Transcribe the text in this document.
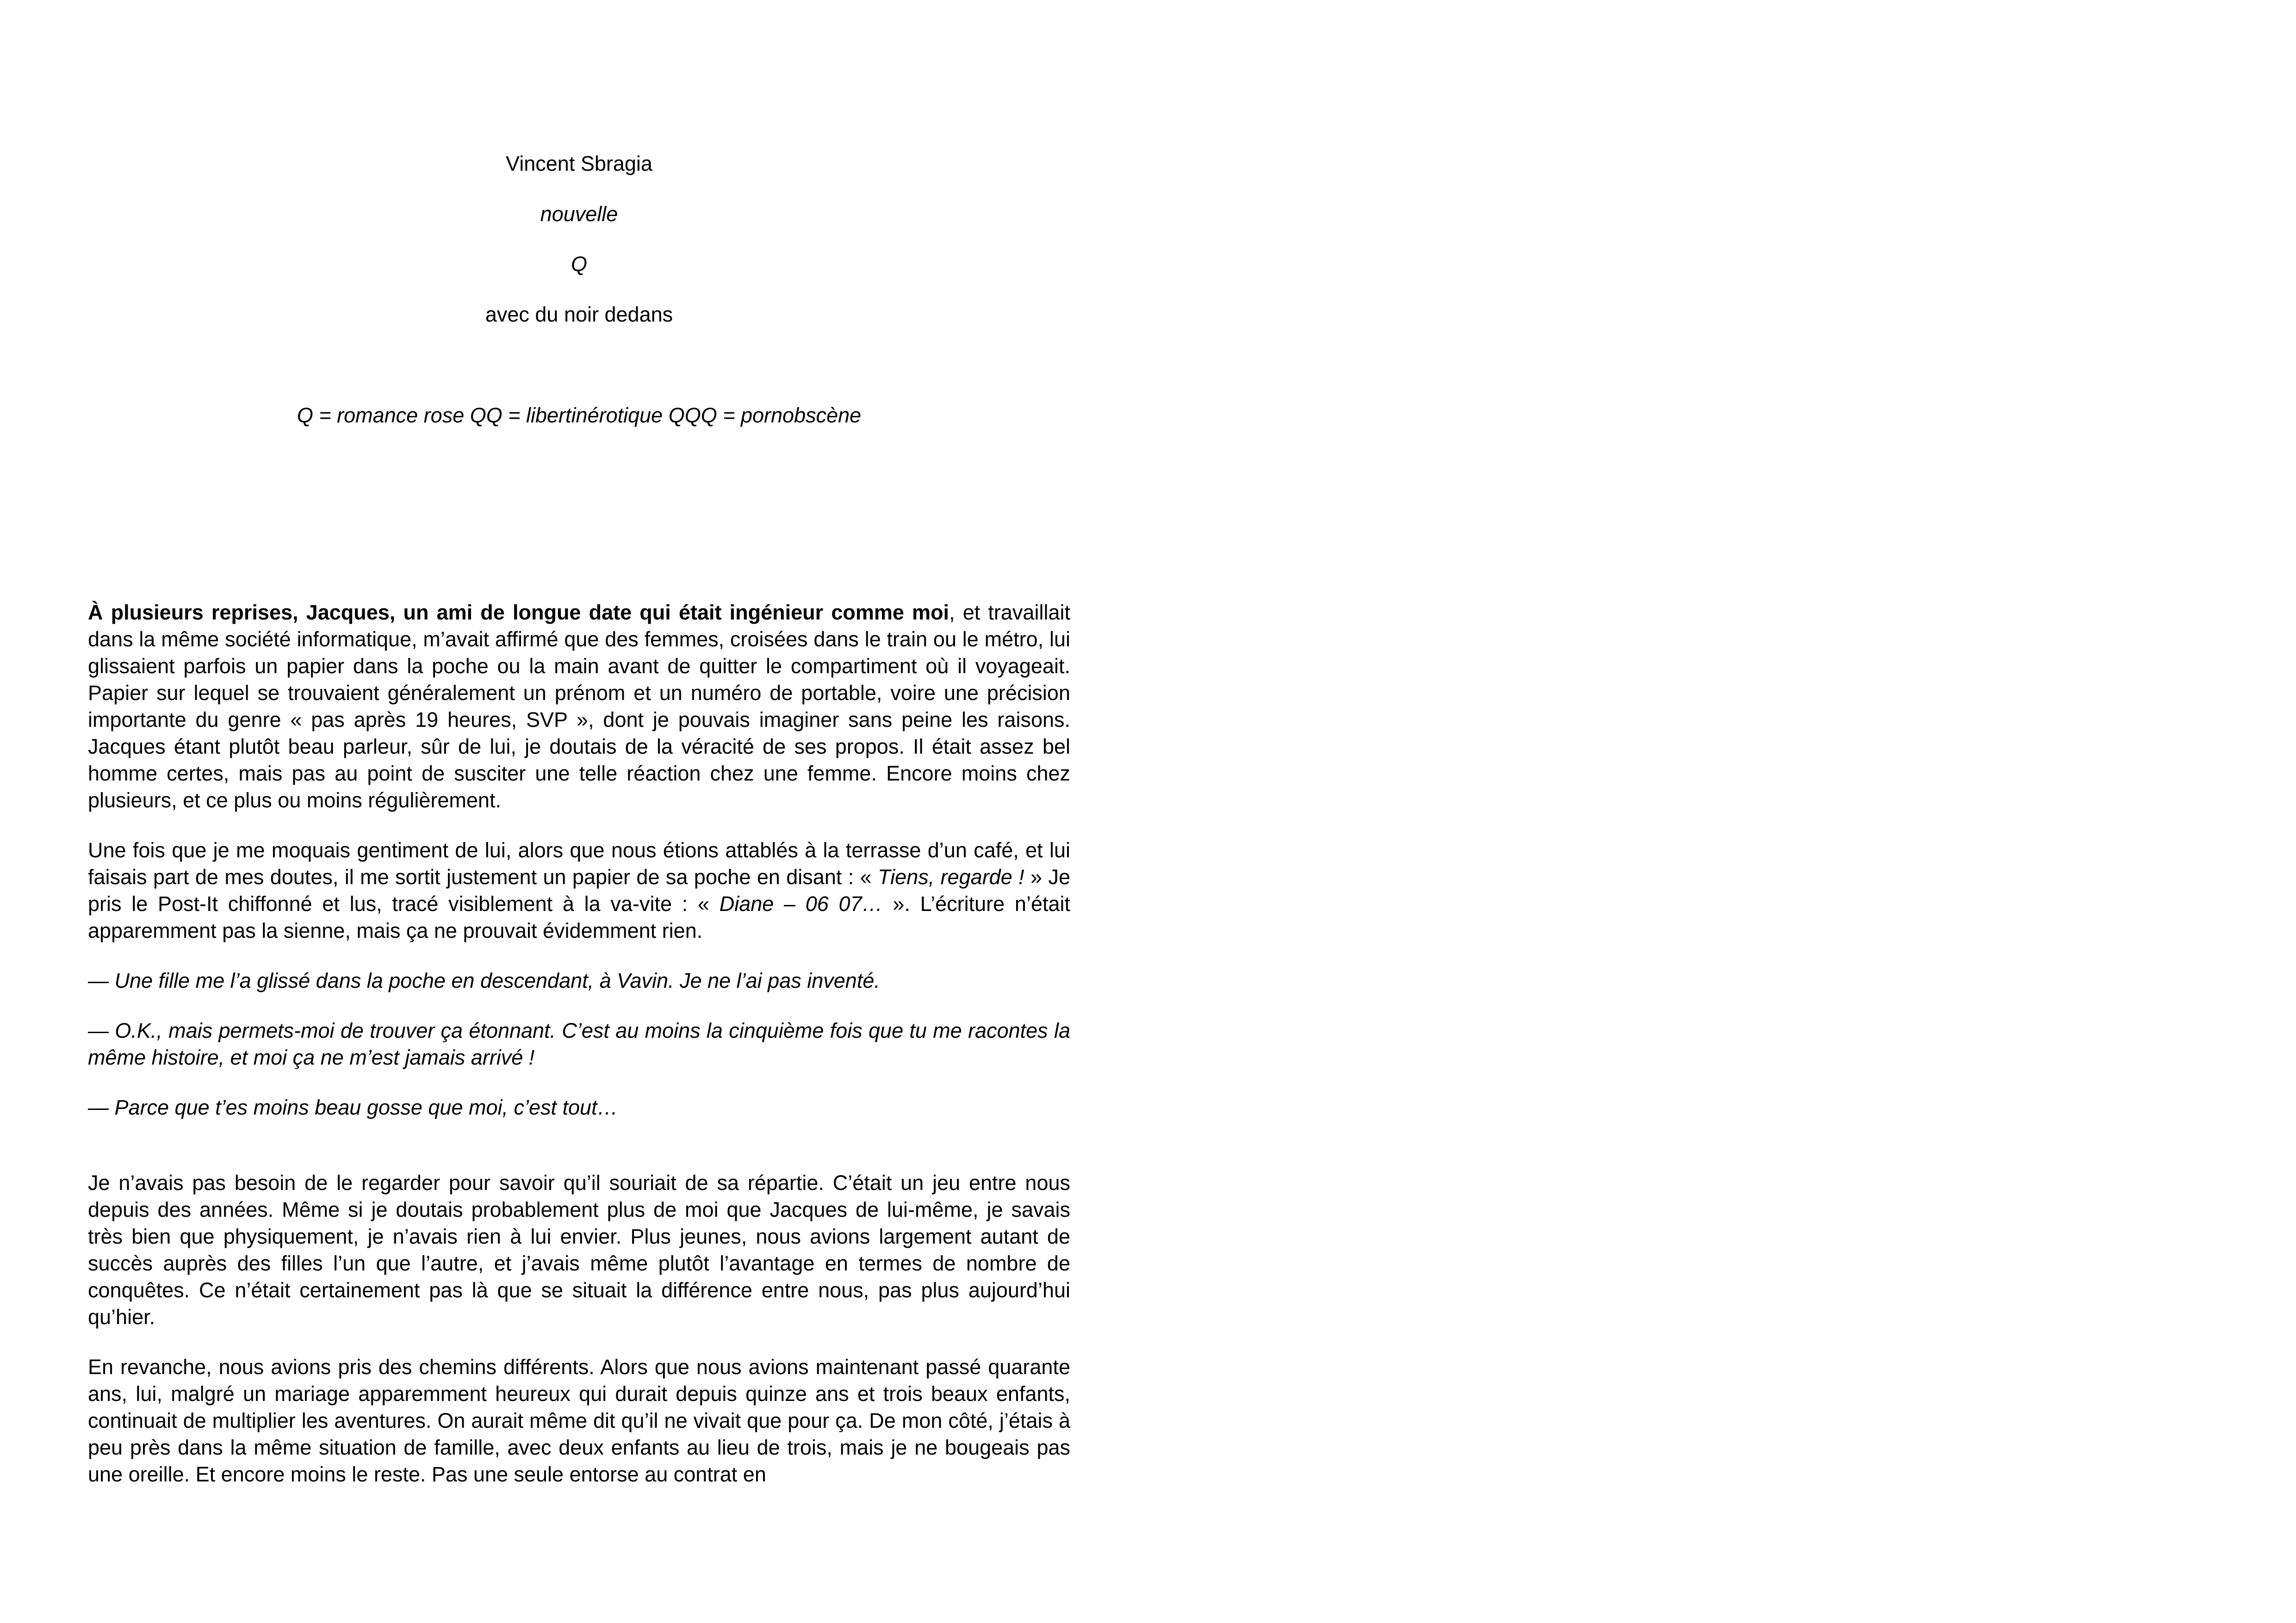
Vincent Sbragia

nouvelle

Q

avec du noir dedans

Q = romance rose QQ = libertinérotique QQQ = pornobscène

À plusieurs reprises, Jacques, un ami de longue date qui était ingénieur comme moi, et travaillait dans la même société informatique, m’avait affirmé que des femmes, croisées dans le train ou le métro, lui glissaient parfois un papier dans la poche ou la main avant de quitter le compartiment où il voyageait. Papier sur lequel se trouvaient généralement un prénom et un numéro de portable, voire une précision importante du genre « pas après 19 heures, SVP », dont je pouvais imaginer sans peine les raisons. Jacques étant plutôt beau parleur, sûr de lui, je doutais de la véracité de ses propos. Il était assez bel homme certes, mais pas au point de susciter une telle réaction chez une femme. Encore moins chez plusieurs, et ce plus ou moins régulièrement.

Une fois que je me moquais gentiment de lui, alors que nous étions attablés à la terrasse d’un café, et lui faisais part de mes doutes, il me sortit justement un papier de sa poche en disant : « Tiens, regarde ! » Je pris le Post-It chiffonné et lus, tracé visiblement à la va-vite : « Diane – 06 07… ». L’écriture n’était apparemment pas la sienne, mais ça ne prouvait évidemment rien.

— Une fille me l’a glissé dans la poche en descendant, à Vavin. Je ne l’ai pas inventé.

— O.K., mais permets-moi de trouver ça étonnant. C’est au moins la cinquième fois que tu me racontes la même histoire, et moi ça ne m’est jamais arrivé !

— Parce que t’es moins beau gosse que moi, c’est tout…

Je n’avais pas besoin de le regarder pour savoir qu’il souriait de sa répartie. C’était un jeu entre nous depuis des années. Même si je doutais probablement plus de moi que Jacques de lui-même, je savais très bien que physiquement, je n’avais rien à lui envier. Plus jeunes, nous avions largement autant de succès auprès des filles l’un que l’autre, et j’avais même plutôt l’avantage en termes de nombre de conquêtes. Ce n’était certainement pas là que se situait la différence entre nous, pas plus aujourd’hui qu’hier.

En revanche, nous avions pris des chemins différents. Alors que nous avions maintenant passé quarante ans, lui, malgré un mariage apparemment heureux qui durait depuis quinze ans et trois beaux enfants, continuait de multiplier les aventures. On aurait même dit qu’il ne vivait que pour ça. De mon côté, j’étais à peu près dans la même situation de famille, avec deux enfants au lieu de trois, mais je ne bougeais pas une oreille. Et encore moins le reste. Pas une seule entorse au contrat en
